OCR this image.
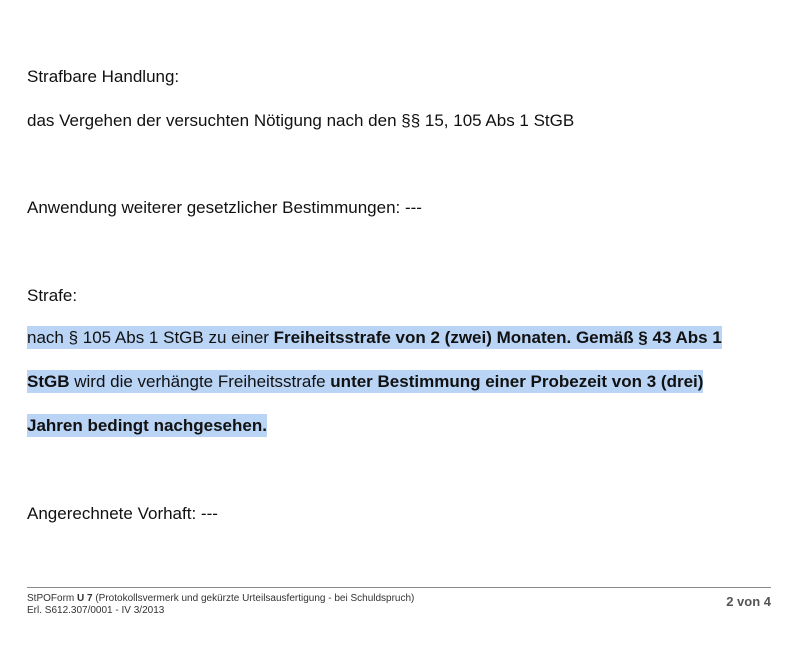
Strafbare Handlung:

das Vergehen der versuchten Nötigung nach den §§ 15, 105 Abs 1 StGB

Anwendung weiterer gesetzlicher Bestimmungen: ---

Strafe:

nach § 105 Abs 1 StGB zu einer Freiheitsstrafe von 2 (zwei) Monaten. Gemäß § 43 Abs 1

StGB wird die verhängte Freiheitsstrafe unter Bestimmung einer Probezeit von 3 (drei)

Jahren bedingt nachgesehen.

Angerechnete Vorhaft: ---

StPOForm U 7 (Protokollsvermerk und gekürzte Urteilsausfertigung - bei Schuldspruch)
Erl. S612.307/0001 - IV 3/2013
2 von 4
